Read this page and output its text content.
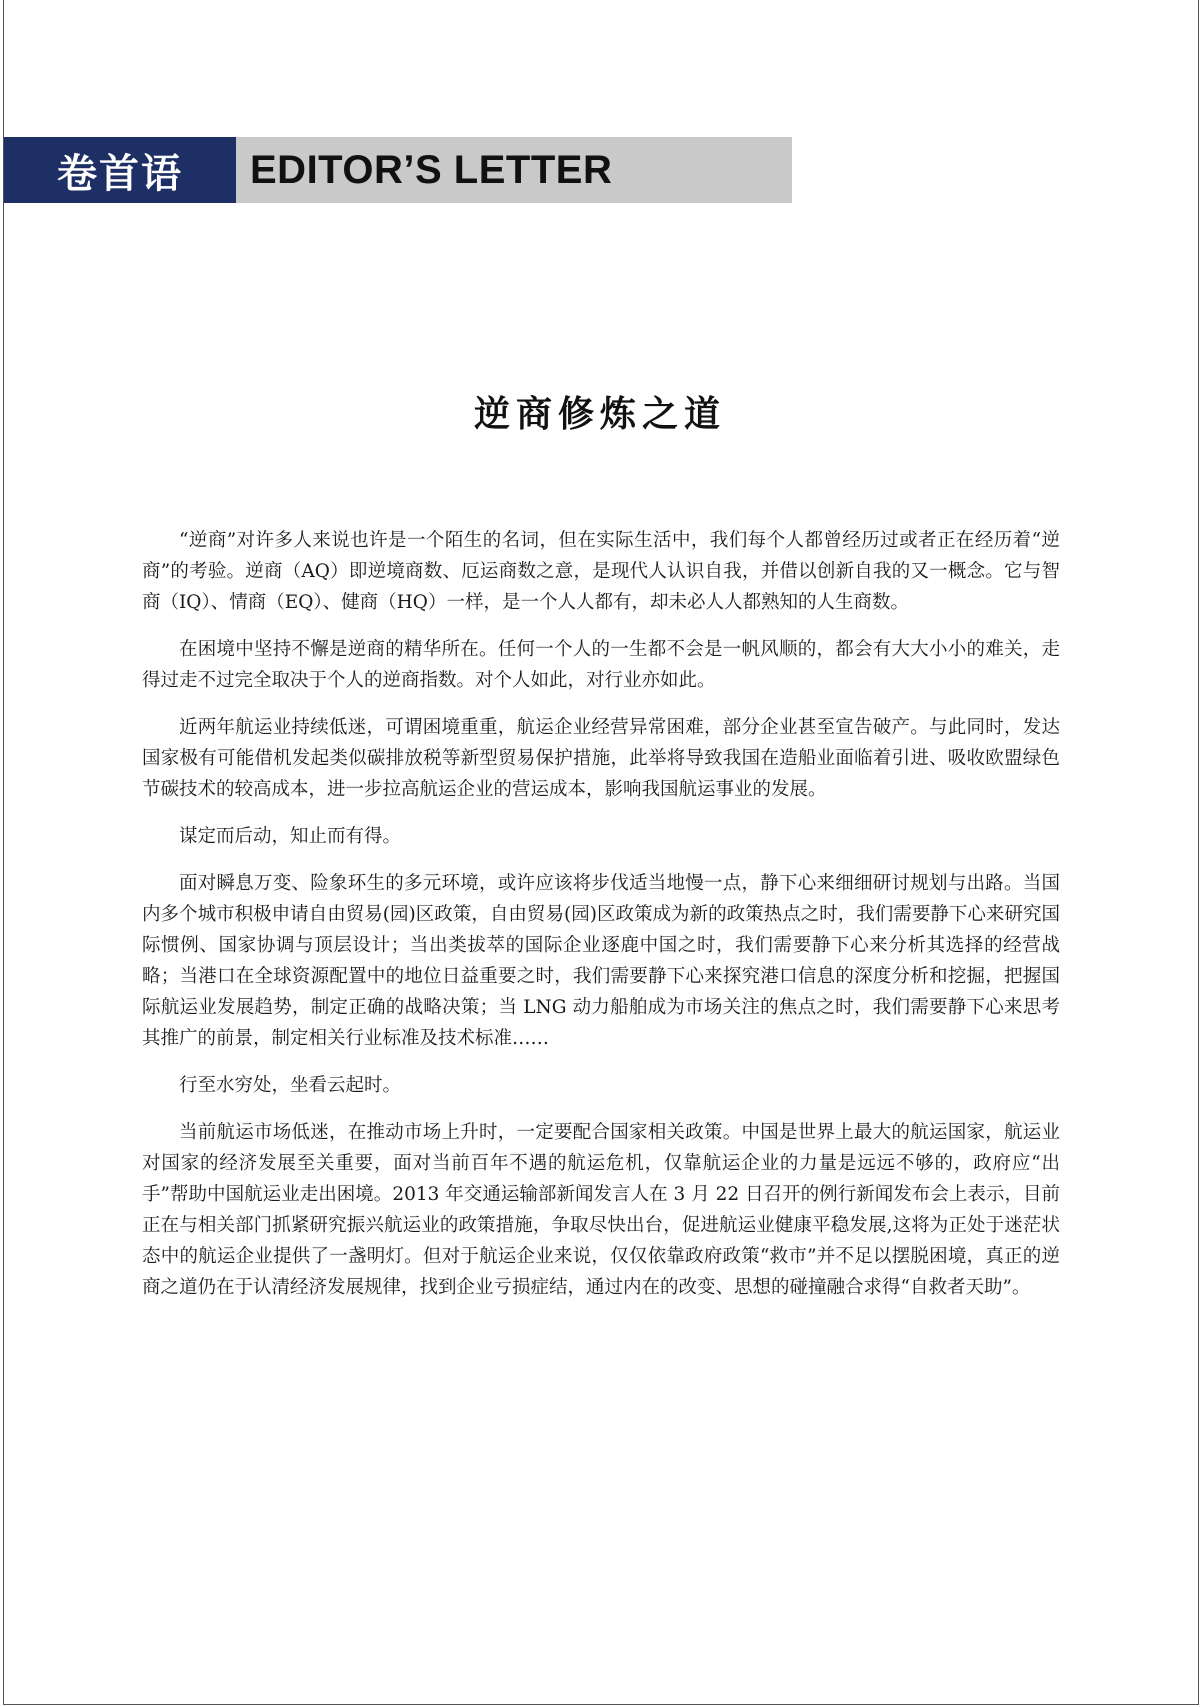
卷首语	EDITOR’S LETTER
逆商修炼之道

“逆商”对许多人来说也许是一个陌生的名词，但在实际生活中，我们每个人都曾经历过或者正在经历着“逆商”的考验。逆商（AQ）即逆境商数、厄运商数之意，是现代人认识自我，并借以创新自我的又一概念。它与智商（IQ）、情商（EQ）、健商（HQ）一样，是一个人人都有，却未必人人都熟知的人生商数。

在困境中坚持不懈是逆商的精华所在。任何一个人的一生都不会是一帆风顺的，都会有大大小小的难关，走得过走不过完全取决于个人的逆商指数。对个人如此，对行业亦如此。

近两年航运业持续低迷，可谓困境重重，航运企业经营异常困难，部分企业甚至宣告破产。与此同时，发达国家极有可能借机发起类似碳排放税等新型贸易保护措施，此举将导致我国在造船业面临着引进、吸收欧盟绿色节碳技术的较高成本，进一步拉高航运企业的营运成本，影响我国航运事业的发展。

谋定而后动，知止而有得。

面对瞬息万变、险象环生的多元环境，或许应该将步伐适当地慢一点，静下心来细细研讨规划与出路。当国内多个城市积极申请自由贸易(园)区政策，自由贸易(园)区政策成为新的政策热点之时，我们需要静下心来研究国际惯例、国家协调与顶层设计；当出类拔萃的国际企业逐鹿中国之时，我们需要静下心来分析其选择的经营战略；当港口在全球资源配置中的地位日益重要之时，我们需要静下心来探究港口信息的深度分析和挖掘，把握国际航运业发展趋势，制定正确的战略决策；当 LNG 动力船舶成为市场关注的焦点之时，我们需要静下心来思考其推广的前景，制定相关行业标准及技术标准……

行至水穷处，坐看云起时。

当前航运市场低迷，在推动市场上升时，一定要配合国家相关政策。中国是世界上最大的航运国家，航运业对国家的经济发展至关重要，面对当前百年不遇的航运危机，仅靠航运企业的力量是远远不够的，政府应“出手”帮助中国航运业走出困境。2013 年交通运输部新闻发言人在 3 月 22 日召开的例行新闻发布会上表示，目前正在与相关部门抓紧研究振兴航运业的政策措施，争取尽快出台，促进航运业健康平稳发展,这将为正处于迷茫状态中的航运企业提供了一盏明灯。但对于航运企业来说，仅仅依靠政府政策“救市”并不足以摆脱困境，真正的逆商之道仍在于认清经济发展规律，找到企业亏损症结，通过内在的改变、思想的碰撞融合求得“自救者天助”。
